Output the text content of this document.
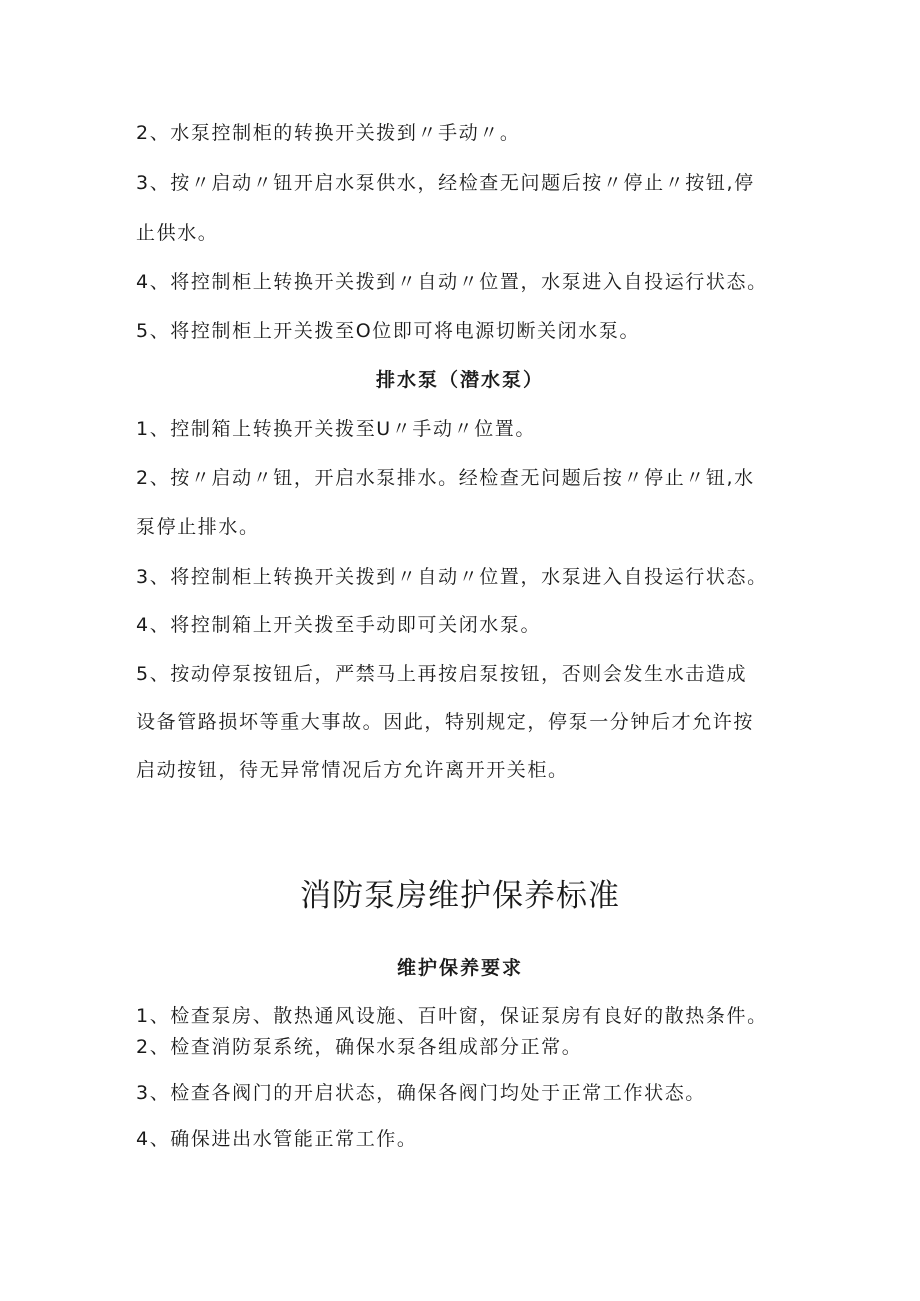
2、水泵控制柜的转换开关拨到〃手动〃。
3、按〃启动〃钮开启水泵供水，经检查无问题后按〃停止〃按钮,停
止供水。
4、将控制柜上转换开关拨到〃自动〃位置，水泵进入自投运行状态。
5、将控制柜上开关拨至O位即可将电源切断关闭水泵。
排水泵（潜水泵）
1、控制箱上转换开关拨至U〃手动〃位置。
2、按〃启动〃钮，开启水泵排水。经检查无问题后按〃停止〃钮,水
泵停止排水。
3、将控制柜上转换开关拨到〃自动〃位置，水泵进入自投运行状态。
4、将控制箱上开关拨至手动即可关闭水泵。
5、按动停泵按钮后，严禁马上再按启泵按钮，否则会发生水击造成
设备管路损坏等重大事故。因此，特别规定，停泵一分钟后才允许按
启动按钮，待无异常情况后方允许离开开关柜。
消防泵房维护保养标准
维护保养要求
1、检查泵房、散热通风设施、百叶窗，保证泵房有良好的散热条件。
2、检查消防泵系统，确保水泵各组成部分正常。
3、检查各阀门的开启状态，确保各阀门均处于正常工作状态。
4、确保进出水管能正常工作。
